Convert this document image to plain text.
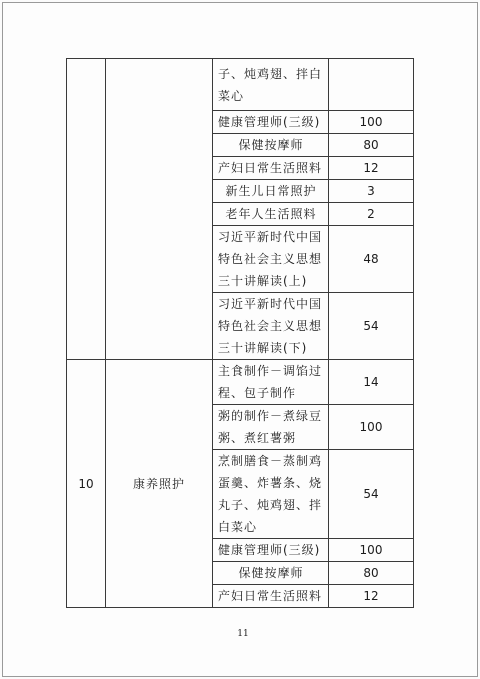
		子、炖鸡翅、拌白菜心	
		健康管理师(三级)	100
		保健按摩师	80
		产妇日常生活照料	12
		新生儿日常照护	3
		老年人生活照料	2
		习近平新时代中国特色社会主义思想三十讲解读(上)	48
		习近平新时代中国特色社会主义思想三十讲解读(下)	54
10	康养照护	主食制作－调馅过程、包子制作	14
		粥的制作－煮绿豆粥、煮红薯粥	100
		烹制膳食－蒸制鸡蛋羹、炸薯条、烧丸子、炖鸡翅、拌白菜心	54
		健康管理师(三级)	100
		保健按摩师	80
		产妇日常生活照料	12
11
